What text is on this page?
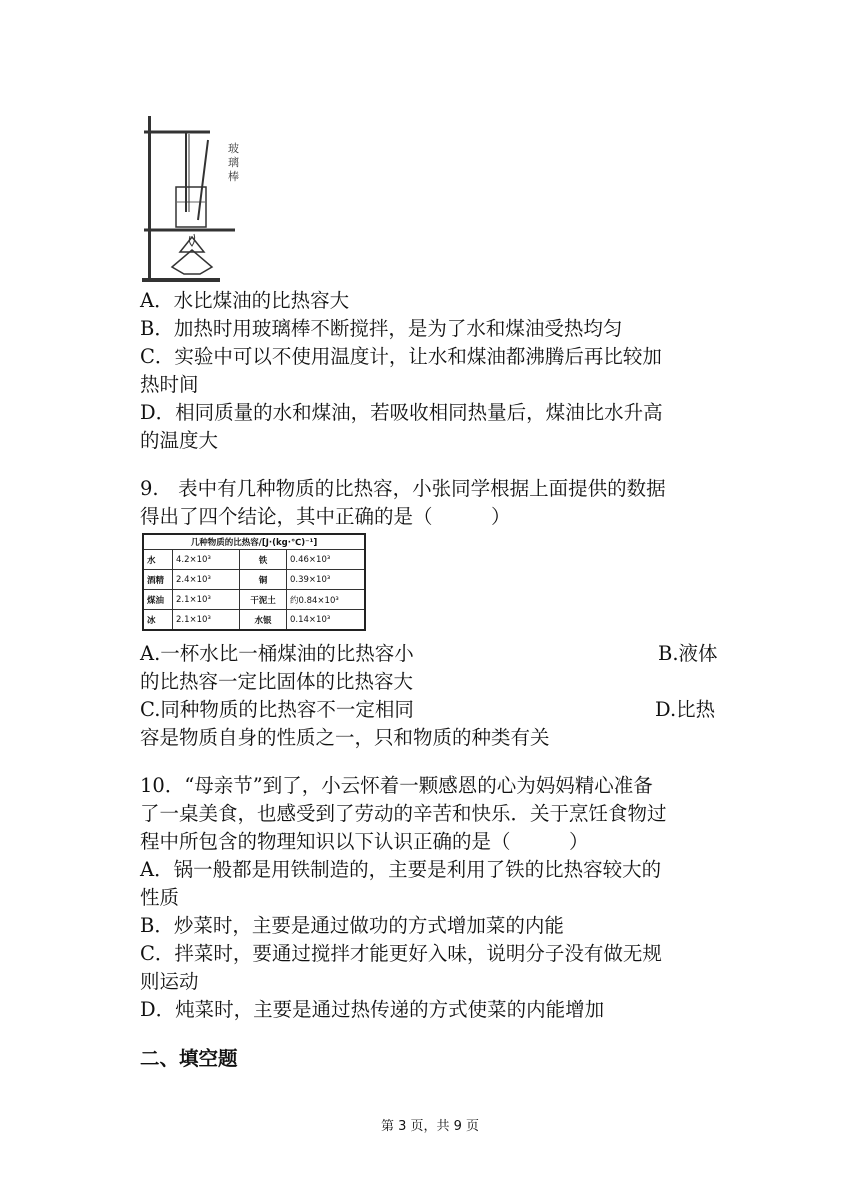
玻璃棒
A．水比煤油的比热容大
B．加热时用玻璃棒不断搅拌，是为了水和煤油受热均匀
C．实验中可以不使用温度计，让水和煤油都沸腾后再比较加
热时间
D．相同质量的水和煤油，若吸收相同热量后，煤油比水升高
的温度大
9.　表中有几种物质的比热容，小张同学根据上面提供的数据
得出了四个结论，其中正确的是（　　　）
几种物质的比热容/[J·(kg·℃)⁻¹]			
水	4.2×10³	铁	0.46×10³
酒精	2.4×10³	铜	0.39×10³
煤油	2.1×10³	干泥土	约0.84×10³
冰	2.1×10³	水银	0.14×10³
A.一杯水比一桶煤油的比热容小	B.液体
的比热容一定比固体的比热容大
C.同种物质的比热容不一定相同	D.比热
容是物质自身的性质之一，只和物质的种类有关
10．“母亲节”到了，小云怀着一颗感恩的心为妈妈精心准备
了一桌美食，也感受到了劳动的辛苦和快乐．关于烹饪食物过
程中所包含的物理知识以下认识正确的是（　　　）
A．锅一般都是用铁制造的，主要是利用了铁的比热容较大的
性质
B．炒菜时，主要是通过做功的方式增加菜的内能
C．拌菜时，要通过搅拌才能更好入味，说明分子没有做无规
则运动
D．炖菜时，主要是通过热传递的方式使菜的内能增加
二、填空题
第 3 页，共 9 页
